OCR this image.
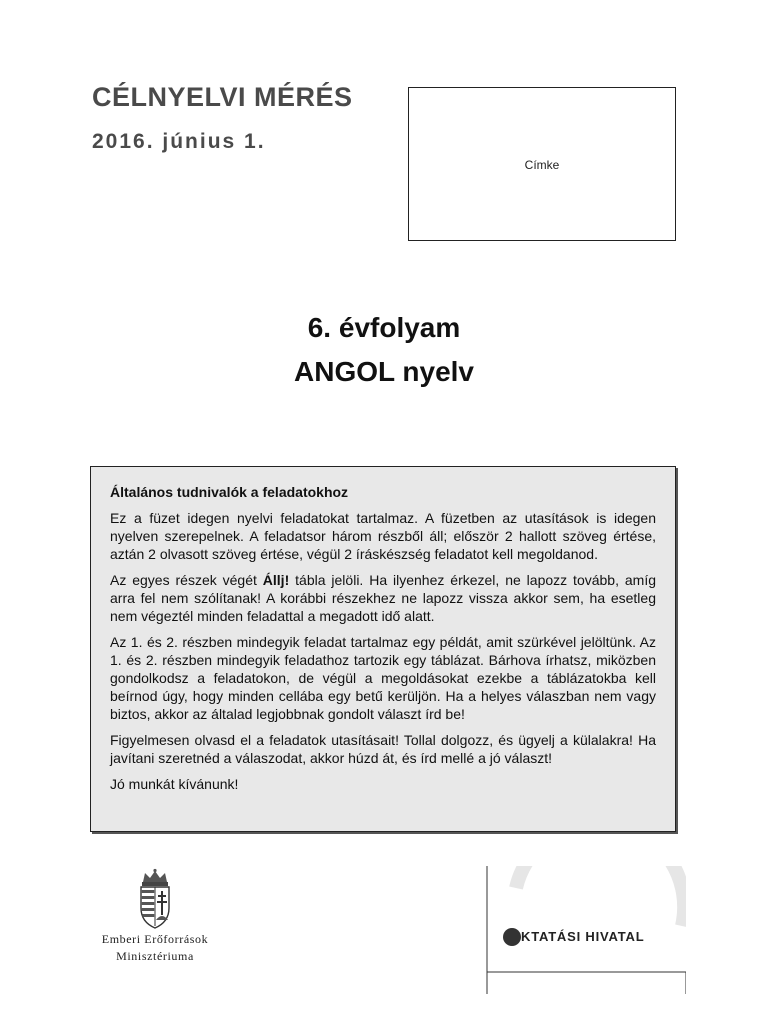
CÉLNYELVI MÉRÉS
2016. június 1.
Címke
6. évfolyam
ANGOL nyelv
Általános tudnivalók a feladatokhoz

Ez a füzet idegen nyelvi feladatokat tartalmaz. A füzetben az utasítások is idegen nyelven szerepelnek. A feladatsor három részből áll; először 2 hallott szöveg értése, aztán 2 olvasott szöveg értése, végül 2 íráskészség feladatot kell megoldanod.

Az egyes részek végét Állj! tábla jelöli. Ha ilyenhez érkezel, ne lapozz tovább, amíg arra fel nem szólítanak! A korábbi részekhez ne lapozz vissza akkor sem, ha esetleg nem végeztél minden feladattal a megadott idő alatt.

Az 1. és 2. részben mindegyik feladat tartalmaz egy példát, amit szürkével jelöltünk. Az 1. és 2. részben mindegyik feladathoz tartozik egy táblázat. Bárhova írhatsz, miközben gondolkodsz a feladatokon, de végül a megoldásokat ezekbe a táblázatokba kell beírnod úgy, hogy minden cellába egy betű kerüljön. Ha a helyes válaszban nem vagy biztos, akkor az általad legjobbnak gondolt választ írd be!

Figyelmesen olvasd el a feladatok utasításait! Tollal dolgozz, és ügyelj a külalakra! Ha javítani szeretnéd a válaszodat, akkor húzd át, és írd mellé a jó választ!

Jó munkát kívánunk!

Emberi Erőforrások
Minisztériuma
KTATÁSI HIVATAL
